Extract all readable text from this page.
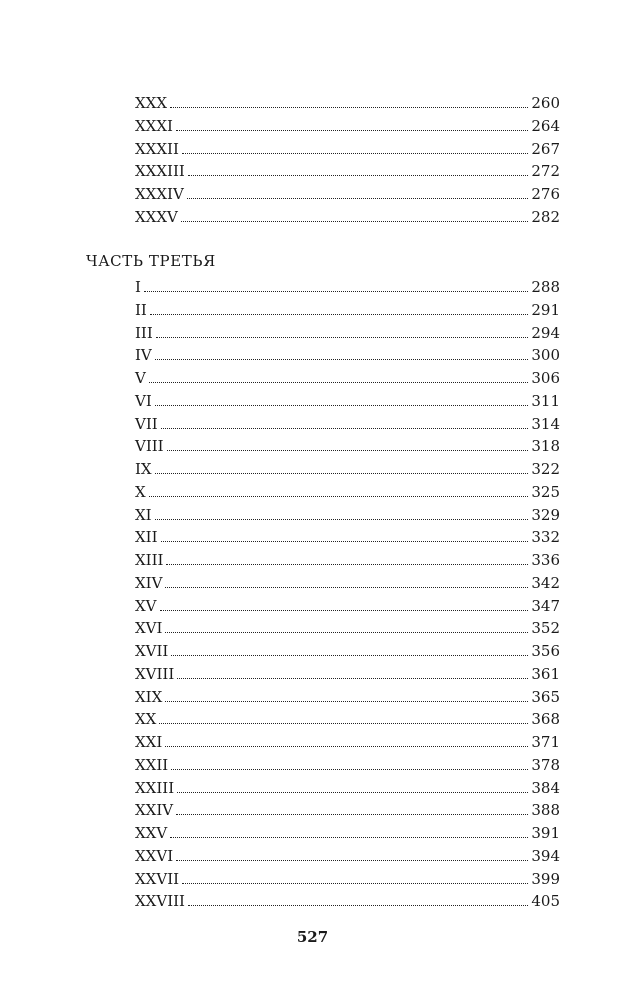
XXX	260
XXXI	264
XXXII	267
XXXIII	272
XXXIV	276
XXXV	282
ЧАСТЬ ТРЕТЬЯ
I	288
II	291
III	294
IV	300
V	306
VI	311
VII	314
VIII	318
IX	322
X	325
XI	329
XII	332
XIII	336
XIV	342
XV	347
XVI	352
XVII	356
XVIII	361
XIX	365
XX	368
XXI	371
XXII	378
XXIII	384
XXIV	388
XXV	391
XXVI	394
XXVII	399
XXVIII	405
527
